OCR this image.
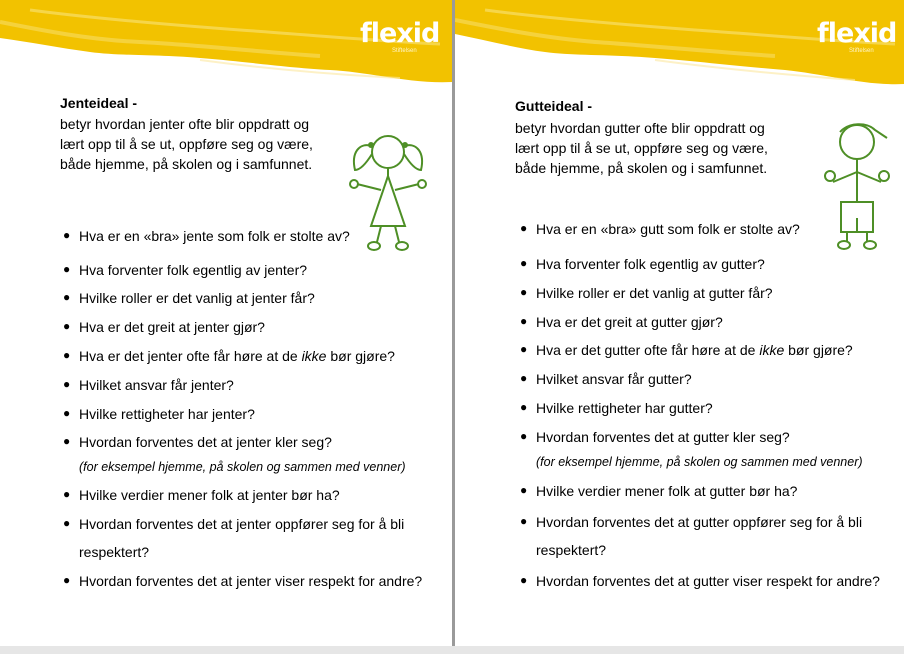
flexid
Stiftelsen
Jenteideal -
betyr hvordan jenter ofte blir oppdratt og
lært opp til å se ut, oppføre seg og være,
både hjemme, på skolen og i samfunnet.
● Hva er en «bra» jente som folk er stolte av?
● Hva forventer folk egentlig av jenter?
● Hvilke roller er det vanlig at jenter får?
● Hva er det greit at jenter gjør?
● Hva er det jenter ofte får høre at de ikke bør gjøre?
● Hvilket ansvar får jenter?
● Hvilke rettigheter har jenter?
● Hvordan forventes det at jenter kler seg?
(for eksempel hjemme, på skolen og sammen med venner)
● Hvilke verdier mener folk at jenter bør ha?
● Hvordan forventes det at jenter oppfører seg for å bli
respektert?
● Hvordan forventes det at jenter viser respekt for andre?
flexid
Stiftelsen
Gutteideal -
betyr hvordan gutter ofte blir oppdratt og
lært opp til å se ut, oppføre seg og være,
både hjemme, på skolen og i samfunnet.
● Hva er en «bra» gutt som folk er stolte av?
● Hva forventer folk egentlig av gutter?
● Hvilke roller er det vanlig at gutter får?
● Hva er det greit at gutter gjør?
● Hva er det gutter ofte får høre at de ikke bør gjøre?
● Hvilket ansvar får gutter?
● Hvilke rettigheter har gutter?
● Hvordan forventes det at gutter kler seg?
(for eksempel hjemme, på skolen og sammen med venner)
● Hvilke verdier mener folk at gutter bør ha?
● Hvordan forventes det at gutter oppfører seg for å bli
respektert?
● Hvordan forventes det at gutter viser respekt for andre?
